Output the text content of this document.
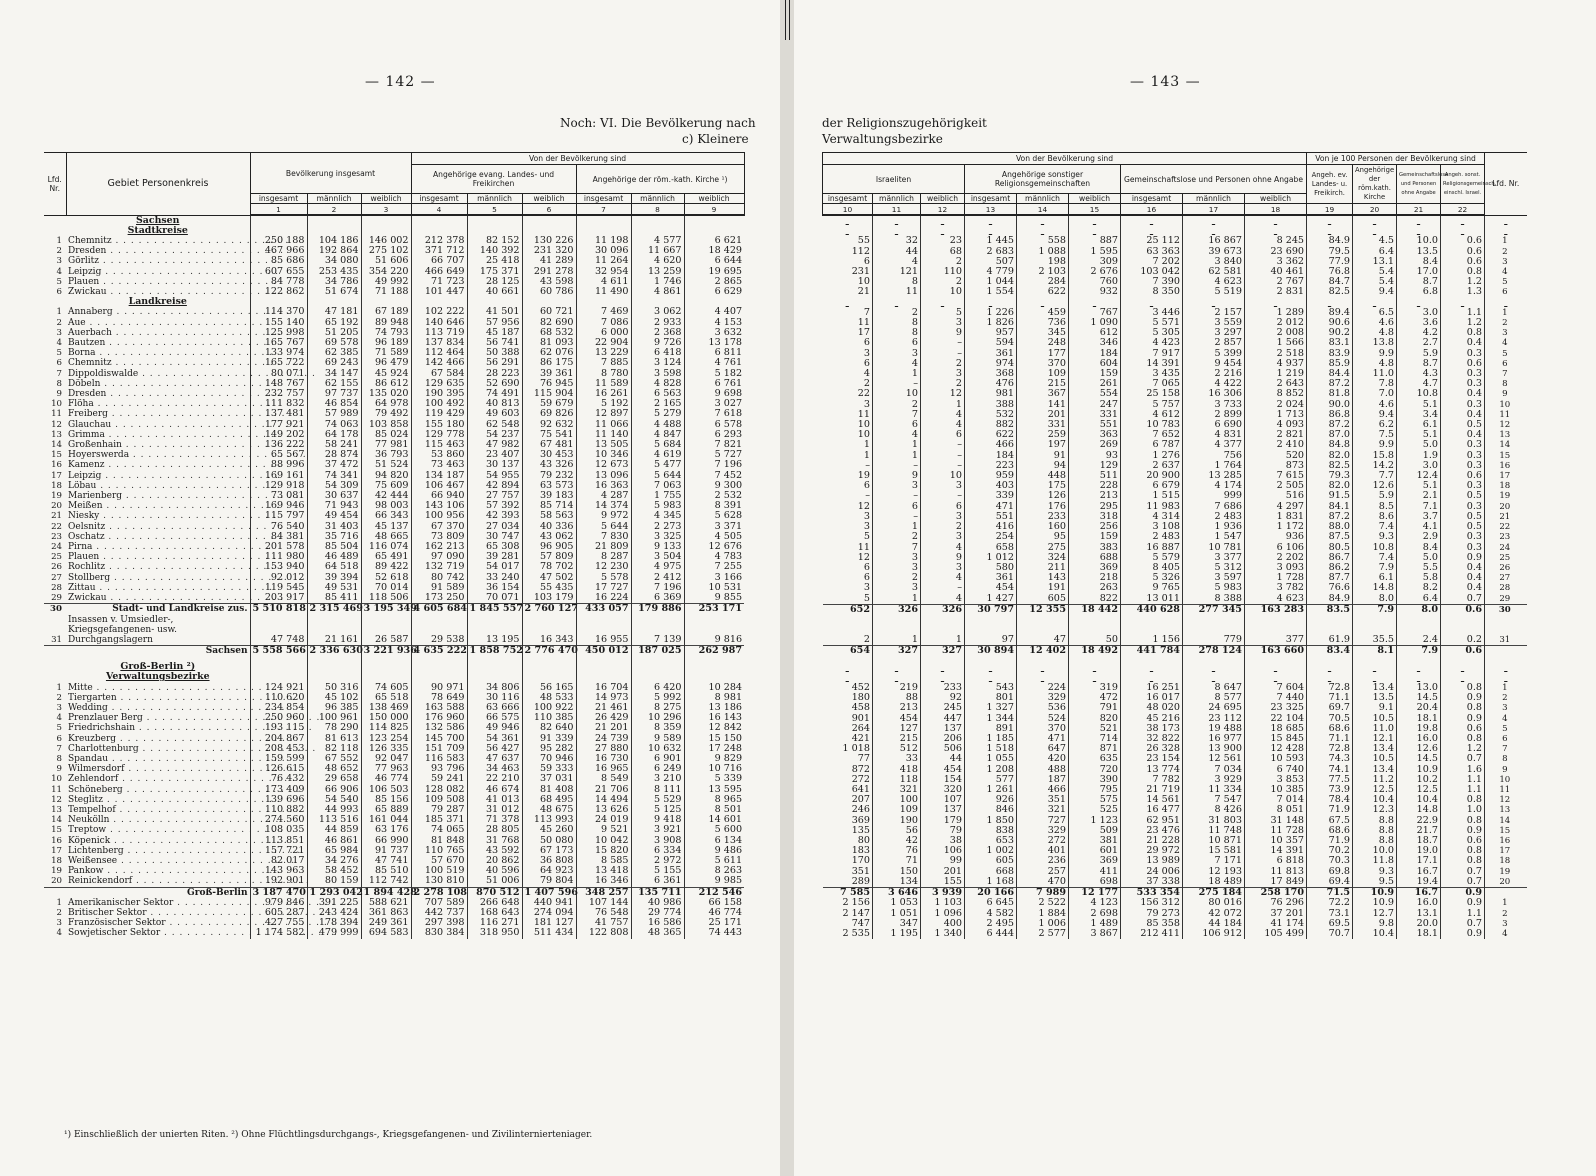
— 142 —
Noch: VI. Die Bevölkerung nach
c) Kleinere
Lfd. Nr.	Gebiet Personenkreis	Bevölkerung insgesamt			Von der Bevölkerung sind					
					Angehörige evang. Landes- und Freikirchen			Angehörige der röm.-kath. Kirche ¹)		
		insgesamt	männlich	weiblich	insgesamt	männlich	weiblich	insgesamt	männlich	weiblich
		1	2	3	4	5	6	7	8	9
	Sachsen									
	Stadtkreise									
1	Chemnitz . . .	250 188	104 186	146 002	212 378	82 152	130 226	11 198	4 577	6 621
2	Dresden . . .	467 966	192 864	275 102	371 712	140 392	231 320	30 096	11 667	18 429
3	Görlitz . . .	85 686	34 080	51 606	66 707	25 418	41 289	11 264	4 620	6 644
4	Leipzig . . .	607 655	253 435	354 220	466 649	175 371	291 278	32 954	13 259	19 695
5	Plauen . . .	84 778	34 786	49 992	71 723	28 125	43 598	4 611	1 746	2 865
6	Zwickau . . .	122 862	51 674	71 188	101 447	40 661	60 786	11 490	4 861	6 629
	Landkreise									
1	Annaberg . . .	114 370	47 181	67 189	102 222	41 501	60 721	7 469	3 062	4 407
2	Aue . . .	155 140	65 192	89 948	140 646	57 956	82 690	7 086	2 933	4 153
3	Auerbach . . .	125 998	51 205	74 793	113 719	45 187	68 532	6 000	2 368	3 632
4	Bautzen . . .	165 767	69 578	96 189	137 834	56 741	81 093	22 904	9 726	13 178
5	Borna . . .	133 974	62 385	71 589	112 464	50 388	62 076	13 229	6 418	6 811
6	Chemnitz . . .	165 722	69 243	96 479	142 466	56 291	86 175	7 885	3 124	4 761
7	Dippoldiswalde . . .	80 071	34 147	45 924	67 584	28 223	39 361	8 780	3 598	5 182
8	Döbeln . . .	148 767	62 155	86 612	129 635	52 690	76 945	11 589	4 828	6 761
9	Dresden . . .	232 757	97 737	135 020	190 395	74 491	115 904	16 261	6 563	9 698
10	Flöha . . .	111 832	46 854	64 978	100 492	40 813	59 679	5 192	2 165	3 027
11	Freiberg . . .	137 481	57 989	79 492	119 429	49 603	69 826	12 897	5 279	7 618
12	Glauchau . . .	177 921	74 063	103 858	155 180	62 548	92 632	11 066	4 488	6 578
13	Grimma . . .	149 202	64 178	85 024	129 778	54 237	75 541	11 140	4 847	6 293
14	Großenhain . . .	136 222	58 241	77 981	115 463	47 982	67 481	13 505	5 684	7 821
15	Hoyerswerda . . .	65 567	28 874	36 793	53 860	23 407	30 453	10 346	4 619	5 727
16	Kamenz . . .	88 996	37 472	51 524	73 463	30 137	43 326	12 673	5 477	7 196
17	Leipzig . . .	169 161	74 341	94 820	134 187	54 955	79 232	13 096	5 644	7 452
18	Löbau . . .	129 918	54 309	75 609	106 467	42 894	63 573	16 363	7 063	9 300
19	Marienberg . . .	73 081	30 637	42 444	66 940	27 757	39 183	4 287	1 755	2 532
20	Meißen . . .	169 946	71 943	98 003	143 106	57 392	85 714	14 374	5 983	8 391
21	Niesky . . .	115 797	49 454	66 343	100 956	42 393	58 563	9 972	4 345	5 628
22	Oelsnitz . . .	76 540	31 403	45 137	67 370	27 034	40 336	5 644	2 273	3 371
23	Oschatz . . .	84 381	35 716	48 665	73 809	30 747	43 062	7 830	3 325	4 505
24	Pirna . . .	201 578	85 504	116 074	162 213	65 308	96 905	21 809	9 133	12 676
25	Plauen . . .	111 980	46 489	65 491	97 090	39 281	57 809	8 287	3 504	4 783
26	Rochlitz . . .	153 940	64 518	89 422	132 719	54 017	78 702	12 230	4 975	7 255
27	Stollberg . . .	92 012	39 394	52 618	80 742	33 240	47 502	5 578	2 412	3 166
28	Zittau . . .	119 545	49 531	70 014	91 589	36 154	55 435	17 727	7 196	10 531
29	Zwickau . . .	203 917	85 411	118 506	173 250	70 071	103 179	16 224	6 369	9 855
30	Stadt- und Landkreise zus.	5 510 818	2 315 469	3 195 349	4 605 684	1 845 557	2 760 127	433 057	179 886	253 171
31	Insassen v. Umsiedler-, Kriegsgefangenen- usw. Durchgangslagern	47 748	21 161	26 587	29 538	13 195	16 343	16 955	7 139	9 816
	Sachsen	5 558 566	2 336 630	3 221 936	4 635 222	1 858 752	2 776 470	450 012	187 025	262 987

	Groß-Berlin ²)									
	Verwaltungsbezirke									
1	Mitte . . .	124 921	50 316	74 605	90 971	34 806	56 165	16 704	6 420	10 284
2	Tiergarten . . .	110 620	45 102	65 518	78 649	30 116	48 533	14 973	5 992	8 981
3	Wedding . . .	234 854	96 385	138 469	163 588	63 666	100 922	21 461	8 275	13 186
4	Prenzlauer Berg . . .	250 960	100 961	150 000	176 960	66 575	110 385	26 429	10 296	16 143
5	Friedrichshain . . .	193 115	78 290	114 825	132 586	49 946	82 640	21 201	8 359	12 842
6	Kreuzberg . . .	204 867	81 613	123 254	145 700	54 361	91 339	24 739	9 589	15 150
7	Charlottenburg . . .	208 453	82 118	126 335	151 709	56 427	95 282	27 880	10 632	17 248
8	Spandau . . .	159 599	67 552	92 047	116 583	47 637	70 946	16 730	6 901	9 829
9	Wilmersdorf . . .	126 615	48 652	77 963	93 796	34 463	59 333	16 965	6 249	10 716
10	Zehlendorf . . .	76 432	29 658	46 774	59 241	22 210	37 031	8 549	3 210	5 339
11	Schöneberg . . .	173 409	66 906	106 503	128 082	46 674	81 408	21 706	8 111	13 595
12	Steglitz . . .	139 696	54 540	85 156	109 508	41 013	68 495	14 494	5 529	8 965
13	Tempelhof . . .	110 882	44 993	65 889	79 287	31 012	48 675	13 626	5 125	8 501
14	Neukölln . . .	274 560	113 516	161 044	185 371	71 378	113 993	24 019	9 418	14 601
15	Treptow . . .	108 035	44 859	63 176	74 065	28 805	45 260	9 521	3 921	5 600
16	Köpenick . . .	113 851	46 861	66 990	81 848	31 768	50 080	10 042	3 908	6 134
17	Lichtenberg . . .	157 721	65 984	91 737	110 765	43 592	67 173	15 820	6 334	9 486
18	Weißensee . . .	82 017	34 276	47 741	57 670	20 862	36 808	8 585	2 972	5 611
19	Pankow . . .	143 963	58 452	85 510	100 519	40 596	64 923	13 418	5 155	8 263
20	Reinickendorf . . .	192 901	80 159	112 742	130 810	51 006	79 804	16 346	6 361	9 985
	Groß-Berlin	3 187 470	1 293 042	1 894 428	2 278 108	870 512	1 407 596	348 257	135 711	212 546
1	Amerikanischer Sektor . . .	979 846	391 225	588 621	707 589	266 648	440 941	107 144	40 986	66 158
2	Britischer Sektor . . .	605 287	243 424	361 863	442 737	168 643	274 094	76 548	29 774	46 774
3	Französischer Sektor . . .	427 755	178 394	249 361	297 398	116 271	181 127	41 757	16 586	25 171
4	Sowjetischer Sektor . . .	1 174 582	479 999	694 583	830 384	318 950	511 434	122 808	48 365	74 443
¹) Einschließlich der unierten Riten. ²) Ohne Flüchtlingsdurchgangs-, Kriegsgefangenen- und Zivilinternierteniager.
— 143 —
der Religionszugehörigkeit
Verwaltungsbezirke
Von der Bevölkerung sind									Von je 100 Personen der Bevölkerung sind				Lfd. Nr.
Israeliten			Angehörige sonstiger Religionsgemeinschaften			Gemeinschaftslose und Personen ohne Angabe			Angeh. ev. Landes- u. Freikirch.	Angehörige der röm.kath. Kirche	Gemeinschaftslose und Personen ohne Angabe	Angeh. sonst. Religionsgemeinsch. einschl. Israel.	
insgesamt	männlich	weiblich	insgesamt	männlich	weiblich	insgesamt	männlich	weiblich					
10	11	12	13	14	15	16	17	18	19	20	21	22	

55	32	23	1 445	558	887	25 112	16 867	8 245	84.9	4.5	10.0	0.6	1
112	44	68	2 683	1 088	1 595	63 363	39 673	23 690	79.5	6.4	13.5	0.6	2
6	4	2	507	198	309	7 202	3 840	3 362	77.9	13.1	8.4	0.6	3
231	121	110	4 779	2 103	2 676	103 042	62 581	40 461	76.8	5.4	17.0	0.8	4
10	8	2	1 044	284	760	7 390	4 623	2 767	84.7	5.4	8.7	1.2	5
21	11	10	1 554	622	932	8 350	5 519	2 831	82.5	9.4	6.8	1.3	6

7	2	5	1 226	459	767	3 446	2 157	1 289	89.4	6.5	3.0	1.1	1
11	8	3	1 826	736	1 090	5 571	3 559	2 012	90.6	4.6	3.6	1.2	2
17	8	9	957	345	612	5 305	3 297	2 008	90.2	4.8	4.2	0.8	3
6	6	–	594	248	346	4 423	2 857	1 566	83.1	13.8	2.7	0.4	4
3	3	–	361	177	184	7 917	5 399	2 518	83.9	9.9	5.9	0.3	5
6	4	2	974	370	604	14 391	9 454	4 937	85.9	4.8	8.7	0.6	6
4	1	3	368	109	159	3 435	2 216	1 219	84.4	11.0	4.3	0.3	7
2	–	2	476	215	261	7 065	4 422	2 643	87.2	7.8	4.7	0.3	8
22	10	12	981	367	554	25 158	16 306	8 852	81.8	7.0	10.8	0.4	9
3	2	1	388	141	247	5 757	3 733	2 024	90.0	4.6	5.1	0.3	10
11	7	4	532	201	331	4 612	2 899	1 713	86.8	9.4	3.4	0.4	11
10	6	4	882	331	551	10 783	6 690	4 093	87.2	6.2	6.1	0.5	12
10	4	6	622	259	363	7 652	4 831	2 821	87.0	7.5	5.1	0.4	13
1	1	–	466	197	269	6 787	4 377	2 410	84.8	9.9	5.0	0.3	14
1	1	–	184	91	93	1 276	756	520	82.0	15.8	1.9	0.3	15
–	–	–	223	94	129	2 637	1 764	873	82.5	14.2	3.0	0.3	16
19	9	10	959	448	511	20 900	13 285	7 615	79.3	7.7	12.4	0.6	17
6	3	3	403	175	228	6 679	4 174	2 505	82.0	12.6	5.1	0.3	18
–	–	–	339	126	213	1 515	999	516	91.5	5.9	2.1	0.5	19
12	6	6	471	176	295	11 983	7 686	4 297	84.1	8.5	7.1	0.3	20
3	–	3	551	233	318	4 314	2 483	1 831	87.2	8.6	3.7	0.5	21
3	1	2	416	160	256	3 108	1 936	1 172	88.0	7.4	4.1	0.5	22
5	2	3	254	95	159	2 483	1 547	936	87.5	9.3	2.9	0.3	23
11	7	4	658	275	383	16 887	10 781	6 106	80.5	10.8	8.4	0.3	24
12	3	9	1 012	324	688	5 579	3 377	2 202	86.7	7.4	5.0	0.9	25
6	3	3	580	211	369	8 405	5 312	3 093	86.2	7.9	5.5	0.4	26
6	2	4	361	143	218	5 326	3 597	1 728	87.7	6.1	5.8	0.4	27
3	3	–	454	191	263	9 765	5 983	3 782	76.6	14.8	8.2	0.4	28
5	1	4	1 427	605	822	13 011	8 388	4 623	84.9	8.0	6.4	0.7	29
652	326	326	30 797	12 355	18 442	440 628	277 345	163 283	83.5	7.9	8.0	0.6	30
2	1	1	97	47	50	1 156	779	377	61.9	35.5	2.4	0.2	31
654	327	327	30 894	12 402	18 492	441 784	278 124	163 660	83.4	8.1	7.9	0.6	

452	219	233	543	224	319	16 251	8 647	7 604	72.8	13.4	13.0	0.8	1
180	88	92	801	329	472	16 017	8 577	7 440	71.1	13.5	14.5	0.9	2
458	213	245	1 327	536	791	48 020	24 695	23 325	69.7	9.1	20.4	0.8	3
901	454	447	1 344	524	820	45 216	23 112	22 104	70.5	10.5	18.1	0.9	4
264	127	137	891	370	521	38 173	19 488	18 685	68.6	11.0	19.8	0.6	5
421	215	206	1 185	471	714	32 822	16 977	15 845	71.1	12.1	16.0	0.8	6
1 018	512	506	1 518	647	871	26 328	13 900	12 428	72.8	13.4	12.6	1.2	7
77	33	44	1 055	420	635	23 154	12 561	10 593	74.3	10.5	14.5	0.7	8
872	418	454	1 208	488	720	13 774	7 034	6 740	74.1	13.4	10.9	1.6	9
272	118	154	577	187	390	7 782	3 929	3 853	77.5	11.2	10.2	1.1	10
641	321	320	1 261	466	795	21 719	11 334	10 385	73.9	12.5	12.5	1.1	11
207	100	107	926	351	575	14 561	7 547	7 014	78.4	10.4	10.4	0.8	12
246	109	137	846	321	525	16 477	8 426	8 051	71.9	12.3	14.8	1.0	13
369	190	179	1 850	727	1 123	62 951	31 803	31 148	67.5	8.8	22.9	0.8	14
135	56	79	838	329	509	23 476	11 748	11 728	68.6	8.8	21.7	0.9	15
80	42	38	653	272	381	21 228	10 871	10 357	71.9	8.8	18.7	0.6	16
183	76	106	1 002	401	601	29 972	15 581	14 391	70.2	10.0	19.0	0.8	17
170	71	99	605	236	369	13 989	7 171	6 818	70.3	11.8	17.1	0.8	18
351	150	201	668	257	411	24 006	12 193	11 813	69.8	9.3	16.7	0.7	19
289	134	155	1 168	470	698	37 338	18 489	17 849	69.4	9.5	19.4	0.7	20
7 585	3 646	3 939	20 166	7 989	12 177	533 354	275 184	258 170	71.5	10.9	16.7	0.9	
2 156	1 053	1 103	6 645	2 522	4 123	156 312	80 016	76 296	72.2	10.9	16.0	0.9	1
2 147	1 051	1 096	4 582	1 884	2 698	79 273	42 072	37 201	73.1	12.7	13.1	1.1	2
747	347	400	2 495	1 006	1 489	85 358	44 184	41 174	69.5	9.8	20.0	0.7	3
2 535	1 195	1 340	6 444	2 577	3 867	212 411	106 912	105 499	70.7	10.4	18.1	0.9	4
